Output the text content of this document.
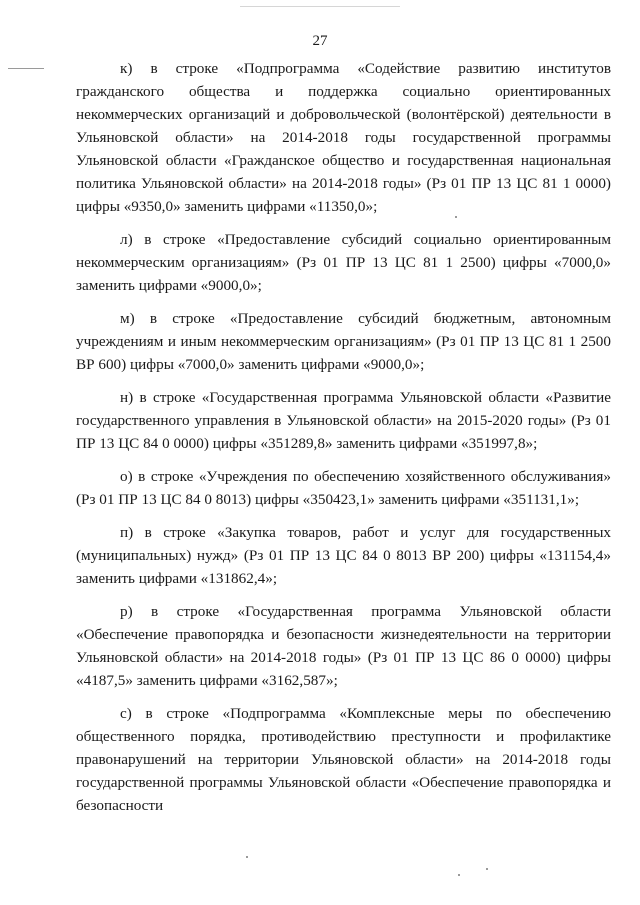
27

к) в строке «Подпрограмма «Содействие развитию институтов гражданского общества и поддержка социально ориентированных некоммерческих организаций и добровольческой (волонтёрской) деятельности в Ульяновской области» на 2014-2018 годы государственной программы Ульяновской области «Гражданское общество и государственная национальная политика Ульяновской области» на 2014-2018 годы» (Рз 01 ПР 13 ЦС 81 1 0000) цифры «9350,0» заменить цифрами «11350,0»;

л) в строке «Предоставление субсидий социально ориентированным некоммерческим организациям» (Рз 01 ПР 13 ЦС 81 1 2500) цифры «7000,0» заменить цифрами «9000,0»;

м) в строке «Предоставление субсидий бюджетным, автономным учреждениям и иным некоммерческим организациям» (Рз 01 ПР 13 ЦС 81 1 2500 ВР 600) цифры «7000,0» заменить цифрами «9000,0»;

н) в строке «Государственная программа Ульяновской области «Развитие государственного управления в Ульяновской области» на 2015-2020 годы» (Рз 01 ПР 13 ЦС 84 0 0000) цифры «351289,8» заменить цифрами «351997,8»;

о) в строке «Учреждения по обеспечению хозяйственного обслуживания» (Рз 01 ПР 13 ЦС 84 0 8013) цифры «350423,1» заменить цифрами «351131,1»;

п) в строке «Закупка товаров, работ и услуг для государственных (муниципальных) нужд» (Рз 01 ПР 13 ЦС 84 0 8013 ВР 200) цифры «131154,4» заменить цифрами «131862,4»;

р) в строке «Государственная программа Ульяновской области «Обеспечение правопорядка и безопасности жизнедеятельности на территории Ульяновской области» на 2014-2018 годы» (Рз 01 ПР 13 ЦС 86 0 0000) цифры «4187,5» заменить цифрами «3162,587»;

с) в строке «Подпрограмма «Комплексные меры по обеспечению общественного порядка, противодействию преступности и профилактике правонарушений на территории Ульяновской области» на 2014-2018 годы государственной программы Ульяновской области «Обеспечение правопорядка и безопасности
